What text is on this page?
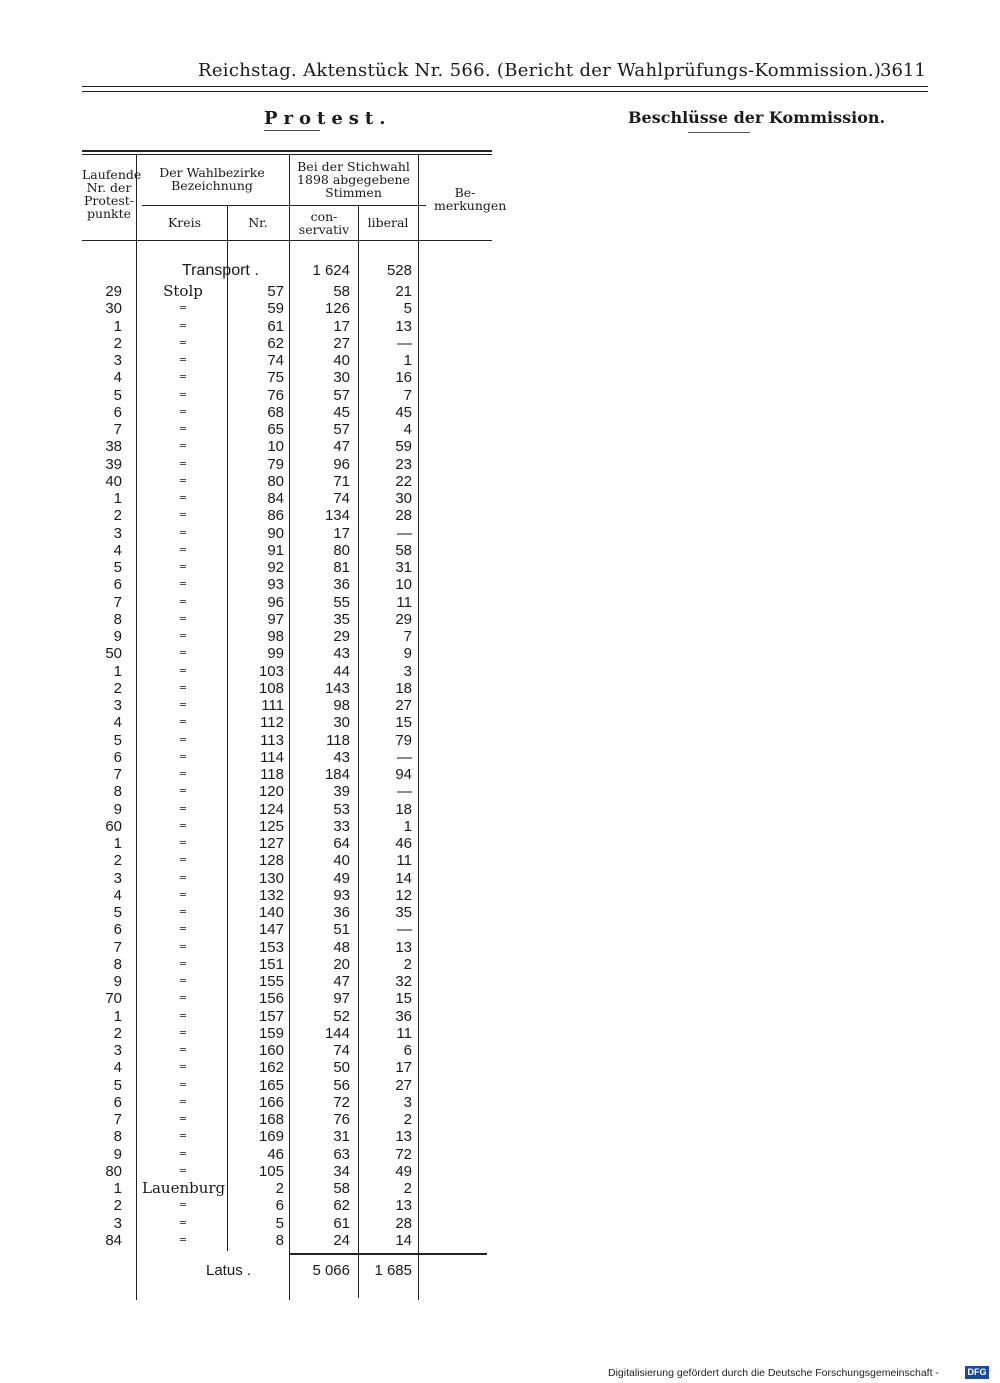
Reichstag. Aktenstück Nr. 566. (Bericht der Wahlprüfungs-Kommission.)
3611
Protest.	Beschlüsse der Kommission.
Laufende Nr. der Protest-punkte
Der Wahlbezirke Bezeichnung
Kreis	Nr.
Bei der Stichwahl 1898 abgegebene Stimmen
con-servativ	liberal
Be-merkungen
Transport .	1 624	528
29	Stolp	57	58	21
30	=	59	126	5
1	=	61	17	13
2	=	62	27	—
3	=	74	40	1
4	=	75	30	16
5	=	76	57	7
6	=	68	45	45
7	=	65	57	4
38	=	10	47	59
39	=	79	96	23
40	=	80	71	22
1	=	84	74	30
2	=	86	134	28
3	=	90	17	—
4	=	91	80	58
5	=	92	81	31
6	=	93	36	10
7	=	96	55	11
8	=	97	35	29
9	=	98	29	7
50	=	99	43	9
1	=	103	44	3
2	=	108	143	18
3	=	111	98	27
4	=	112	30	15
5	=	113	118	79
6	=	114	43	—
7	=	118	184	94
8	=	120	39	—
9	=	124	53	18
60	=	125	33	1
1	=	127	64	46
2	=	128	40	11
3	=	130	49	14
4	=	132	93	12
5	=	140	36	35
6	=	147	51	—
7	=	153	48	13
8	=	151	20	2
9	=	155	47	32
70	=	156	97	15
1	=	157	52	36
2	=	159	144	11
3	=	160	74	6
4	=	162	50	17
5	=	165	56	27
6	=	166	72	3
7	=	168	76	2
8	=	169	31	13
9	=	46	63	72
80	=	105	34	49
1 Lauenburg	2	58	2
2	=	6	62	13
3	=	5	61	28
84	=	8	24	14
Latus .	5 066	1 685
Digitalisierung gefördert durch die Deutsche Forschungsgemeinschaft -	DFG
